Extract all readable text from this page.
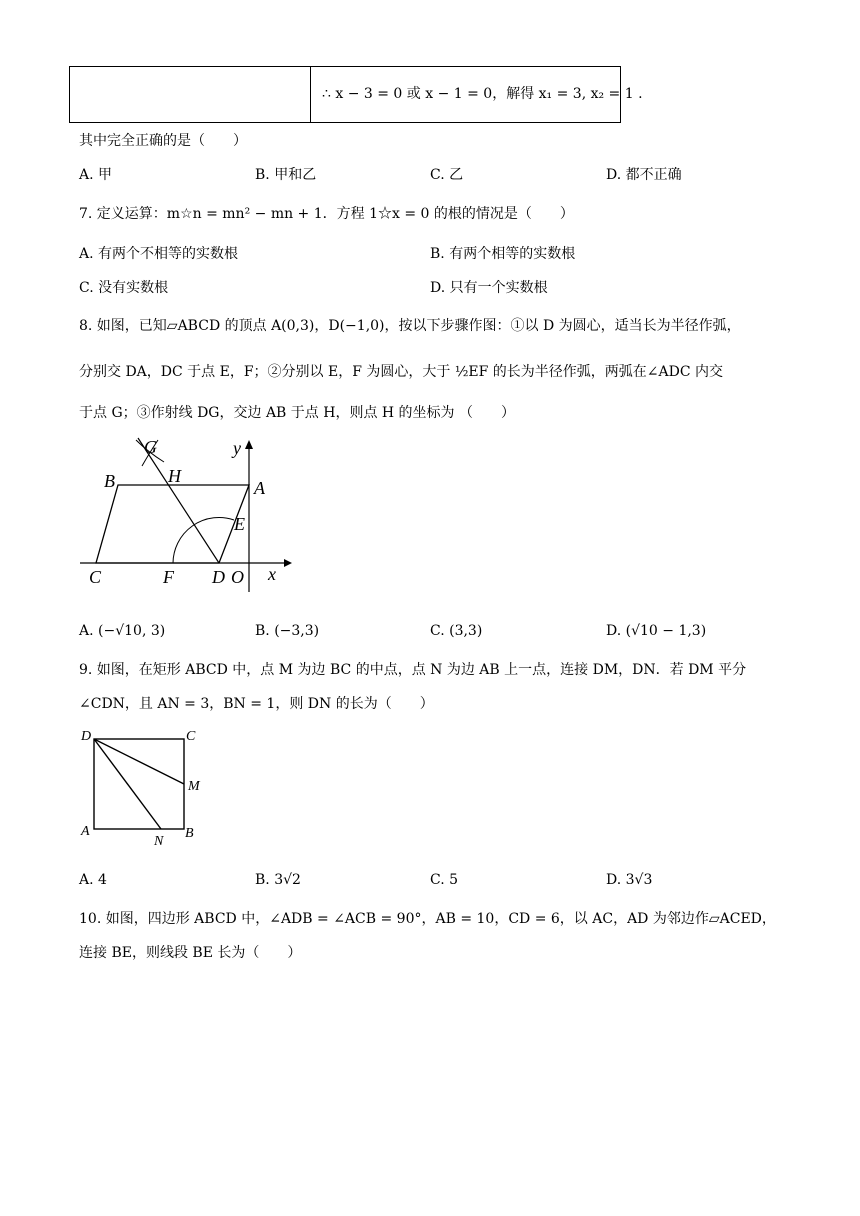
∴ x − 3 = 0 或 x − 1 = 0，解得 x₁ = 3, x₂ = 1 .
其中完全正确的是（　　）
A. 甲	B. 甲和乙	C. 乙	D. 都不正确
7. 定义运算：m☆n = mn² − mn + 1．方程 1☆x = 0 的根的情况是（　　）
A. 有两个不相等的实数根	B. 有两个相等的实数根
C. 没有实数根	D. 只有一个实数根
8. 如图，已知▱ABCD 的顶点 A(0,3)，D(−1,0)，按以下步骤作图：①以 D 为圆心，适当长为半径作弧，
分别交 DA，DC 于点 E，F；②分别以 E，F 为圆心，大于 ½EF 的长为半径作弧，两弧在∠ADC 内交
于点 G；③作射线 DG，交边 AB 于点 H，则点 H 的坐标为 （　　）
G
H
B	A
E
C	F D O x
y
A. (−√10, 3)	B. (−3,3)	C. (3,3)	D. (√10 − 1,3)
9. 如图，在矩形 ABCD 中，点 M 为边 BC 的中点，点 N 为边 AB 上一点，连接 DM，DN．若 DM 平分
∠CDN，且 AN = 3，BN = 1，则 DN 的长为（　　）
D	C
M
A
N
B
A. 4	B. 3√2	C. 5	D. 3√3
10. 如图，四边形 ABCD 中，∠ADB = ∠ACB = 90°，AB = 10，CD = 6，以 AC，AD 为邻边作▱ACED，
连接 BE，则线段 BE 长为（　　）
